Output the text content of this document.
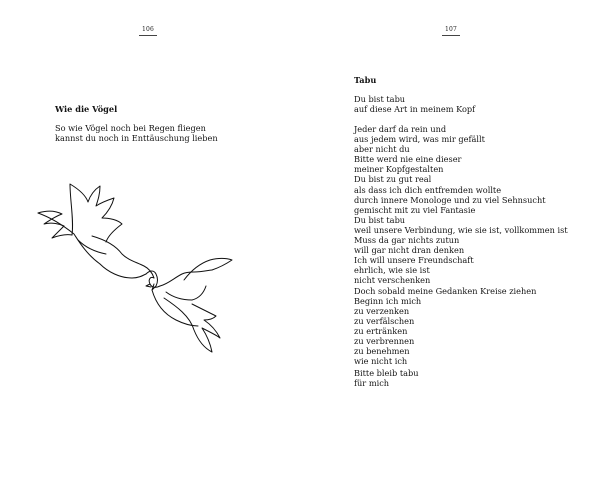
106
Wie die Vögel
So wie Vögel noch bei Regen fliegen
kannst du noch in Enttäuschung lieben
107
Tabu
Du bist tabu
auf diese Art in meinem Kopf
Jeder darf da rein und
aus jedem wird, was mir gefällt
aber nicht du
Bitte werd nie eine dieser
meiner Kopfgestalten
Du bist zu gut real
als dass ich dich entfremden wollte
durch innere Monologe und zu viel Sehnsucht
gemischt mit zu viel Fantasie
Du bist tabu
weil unsere Verbindung, wie sie ist, vollkommen ist
Muss da gar nichts zutun
will gar nicht dran denken
Ich will unsere Freundschaft
ehrlich, wie sie ist
nicht verschenken
Doch sobald meine Gedanken Kreise ziehen
Beginn ich mich
zu verzenken
zu verfälschen
zu ertränken
zu verbrennen
zu benehmen
wie nicht ich
Bitte bleib tabu
für mich
